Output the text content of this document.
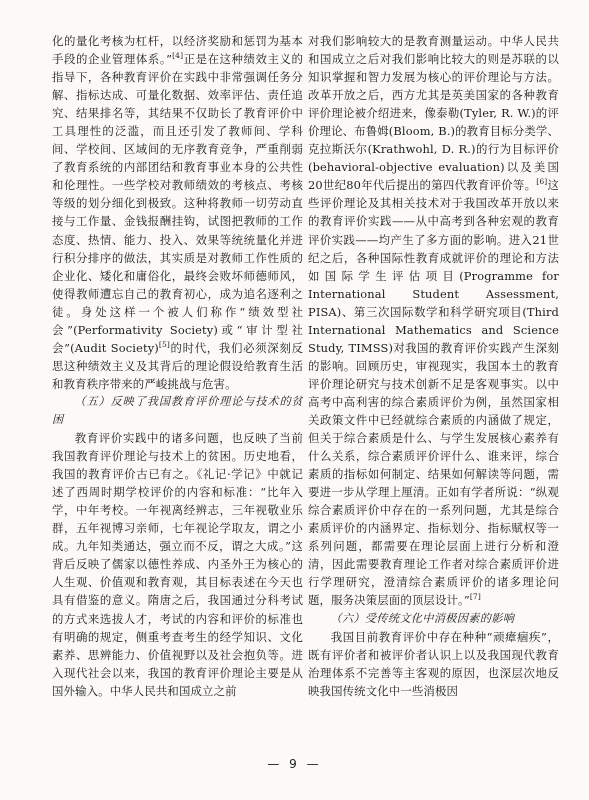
化的量化考核为杠杆，以经济奖励和惩罚为基本手段的企业管理体系。”[4]正是在这种绩效主义的指导下，各种教育评价在实践中非常强调任务分解、指标达成、可量化数据、效率评估、责任追究、结果排名等，其结果不仅助长了教育评价中工具理性的泛滥，而且还引发了教师间、学科间、学校间、区域间的无序教育竞争，严重削弱了教育系统的内部团结和教育事业本身的公共性和伦理性。一些学校对教师绩效的考核点、考核等级的划分细化到极致。这种将教师一切劳动直接与工作量、金钱报酬挂钩，试图把教师的工作态度、热情、能力、投入、效果等统统量化并进行积分排序的做法，其实质是对教师工作性质的企业化、矮化和庸俗化，最终会败坏师德师风，使得教师遭忘自己的教育初心，成为追名逐利之徒。身处这样一个被人们称作“绩效型社会”(Performativity Society)或“审计型社会”(Audit Society)[5]的时代，我们必须深刻反思这种绩效主义及其背后的理论假设给教育生活和教育秩序带来的严峻挑战与危害。

（五）反映了我国教育评价理论与技术的贫困

教育评价实践中的诸多问题，也反映了当前我国教育评价理论与技术上的贫困。历史地看，我国的教育评价古已有之。《礼记·学记》中就记述了西周时期学校评价的内容和标准：“比年入学，中年考校。一年视离经辨志，三年视敬业乐群，五年视博习亲师，七年视论学取友，谓之小成。九年知类通达，强立而不反，谓之大成。”这背后反映了儒家以德性养成、内圣外王为核心的人生观、价值观和教育观，其目标表述在今天也具有借鉴的意义。隋唐之后，我国通过分科考试的方式来选拔人才，考试的内容和评价的标准也有明确的规定，侧重考查考生的经学知识、文化素养、思辨能力、价值视野以及社会抱负等。进入现代社会以来，我国的教育评价理论主要是从国外输入。中华人民共和国成立之前

对我们影响较大的是教育测量运动。中华人民共和国成立之后对我们影响比较大的则是苏联的以知识掌握和智力发展为核心的评价理论与方法。改革开放之后，西方尤其是英美国家的各种教育评价理论被介绍进来，像泰勒(Tyler, R. W.)的评价理论、布鲁姆(Bloom, B.)的教育目标分类学、克拉斯沃尔(Krathwohl, D. R.)的行为目标评价(behavioral-objective evaluation)以及美国20世纪80年代后提出的第四代教育评价等。[6]这些评价理论及其相关技术对于我国改革开放以来的教育评价实践——从中高考到各种宏观的教育评价实践——均产生了多方面的影响。进入21世纪之后，各种国际性教育成就评价的理论和方法如国际学生评估项目(Programme for International Student Assessment, PISA)、第三次国际数学和科学研究项目(Third International Mathematics and Science Study, TIMSS)对我国的教育评价实践产生深刻的影响。回顾历史，审视现实，我国本土的教育评价理论研究与技术创新不足是客观事实。以中高考中高利害的综合素质评价为例，虽然国家相关政策文件中已经就综合素质的内涵做了规定，但关于综合素质是什么、与学生发展核心素养有什么关系，综合素质评价评什么、谁来评，综合素质的指标如何制定、结果如何解读等问题，需要进一步从学理上厘清。正如有学者所说：“纵观综合素质评价中存在的一系列问题，尤其是综合素质评价的内涵界定、指标划分、指标赋权等一系列问题，都需要在理论层面上进行分析和澄清，因此需要教育理论工作者对综合素质评价进行学理研究，澄清综合素质评价的诸多理论问题，服务决策层面的顶层设计。”[7]

（六）受传统文化中消极因素的影响

我国目前教育评价中存在种种“顽瘴痼疾”，既有评价者和被评价者认识上以及我国现代教育治理体系不完善等主客观的原因，也深层次地反映我国传统文化中一些消极因

— 9 —
